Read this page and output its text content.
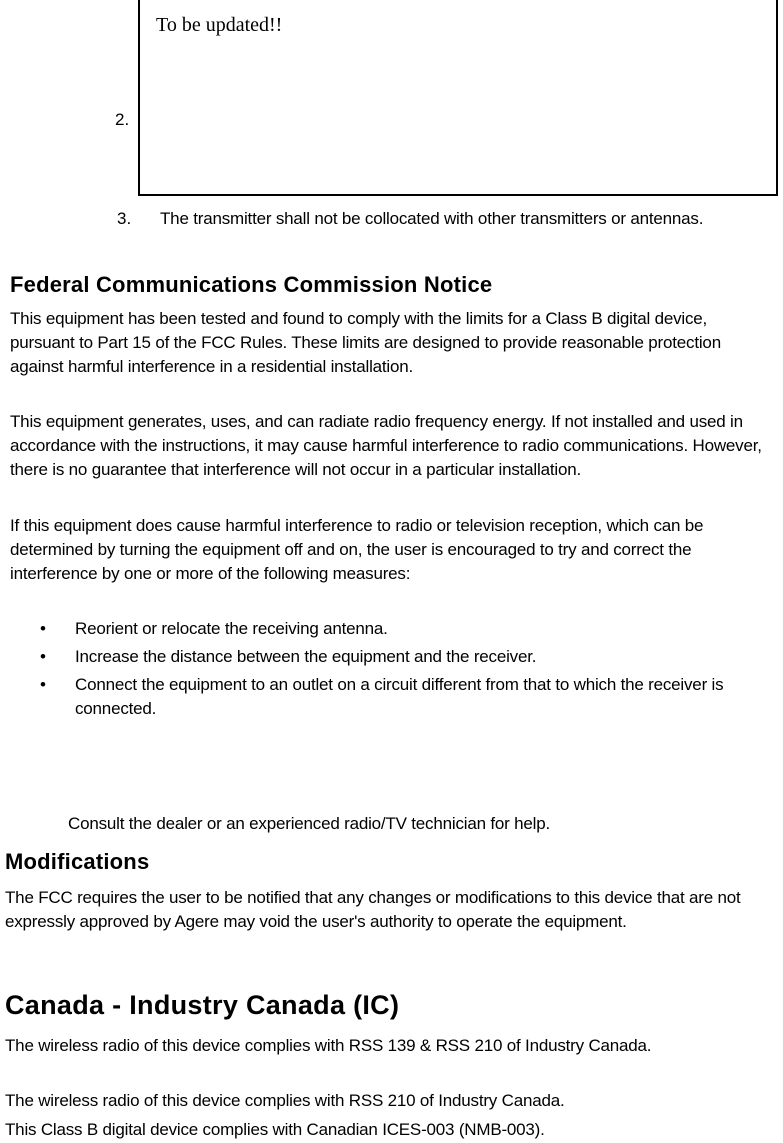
To be updated!!
2.
3. The transmitter shall not be collocated with other transmitters or antennas.
Federal Communications Commission Notice

This equipment has been tested and found to comply with the limits for a Class B digital device, pursuant to Part 15 of the FCC Rules. These limits are designed to provide reasonable protection against harmful interference in a residential installation.

This equipment generates, uses, and can radiate radio frequency energy. If not installed and used in accordance with the instructions, it may cause harmful interference to radio communications. However, there is no guarantee that interference will not occur in a particular installation.

If this equipment does cause harmful interference to radio or television reception, which can be determined by turning the equipment off and on, the user is encouraged to try and correct the interference by one or more of the following measures:

• Reorient or relocate the receiving antenna.
• Increase the distance between the equipment and the receiver.
• Connect the equipment to an outlet on a circuit different from that to which the receiver is connected.
Consult the dealer or an experienced radio/TV technician for help.
Modifications

The FCC requires the user to be notified that any changes or modifications to this device that are not expressly approved by Agere may void the user's authority to operate the equipment.

Canada - Industry Canada (IC)

The wireless radio of this device complies with RSS 139 & RSS 210 of Industry Canada.

The wireless radio of this device complies with RSS 210 of Industry Canada.

This Class B digital device complies with Canadian ICES-003 (NMB-003).
